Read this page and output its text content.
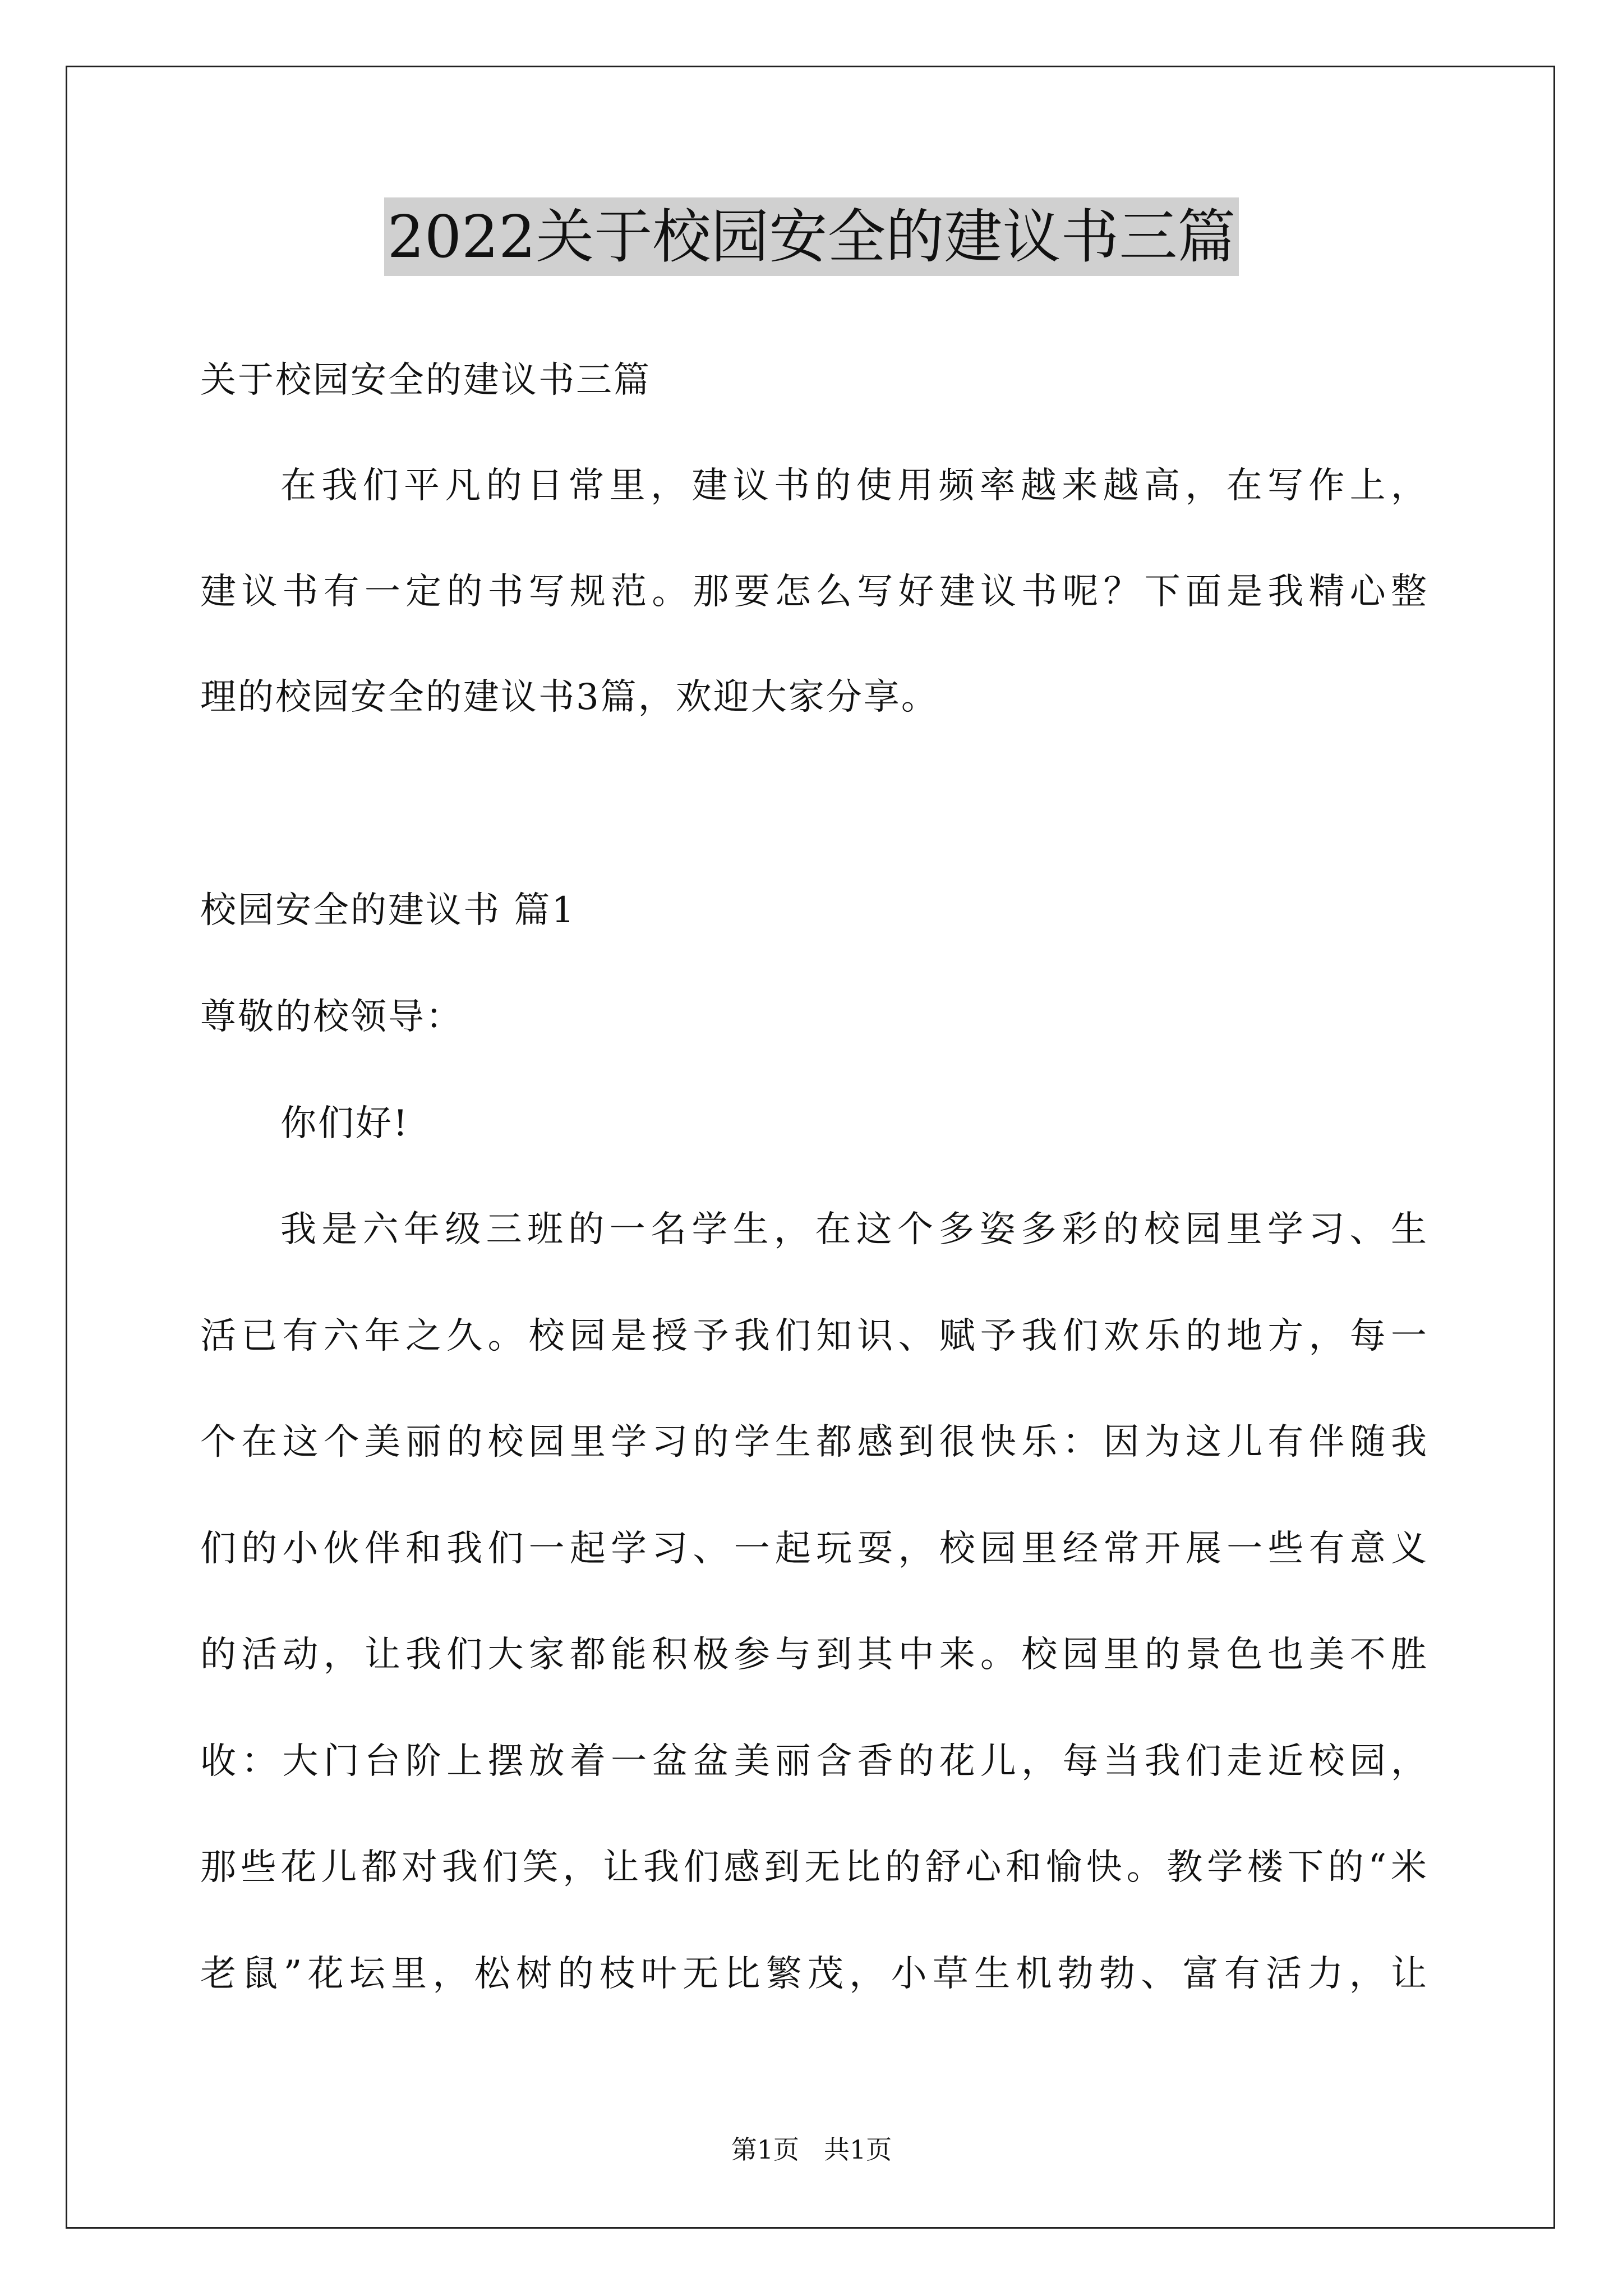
2022关于校园安全的建议书三篇
关于校园安全的建议书三篇
在我们平凡的日常里，建议书的使用频率越来越高，在写作上，
建议书有一定的书写规范。那要怎么写好建议书呢？下面是我精心整
理的校园安全的建议书3篇，欢迎大家分享。
校园安全的建议书 篇1
尊敬的校领导：
你们好!
我是六年级三班的一名学生，在这个多姿多彩的校园里学习、生
活已有六年之久。校园是授予我们知识、赋予我们欢乐的地方，每一
个在这个美丽的校园里学习的学生都感到很快乐：因为这儿有伴随我
们的小伙伴和我们一起学习、一起玩耍，校园里经常开展一些有意义
的活动，让我们大家都能积极参与到其中来。校园里的景色也美不胜
收：大门台阶上摆放着一盆盆美丽含香的花儿，每当我们走近校园，
那些花儿都对我们笑，让我们感到无比的舒心和愉快。教学楼下的“米
老鼠”花坛里，松树的枝叶无比繁茂，小草生机勃勃、富有活力，让
第1页 共1页
